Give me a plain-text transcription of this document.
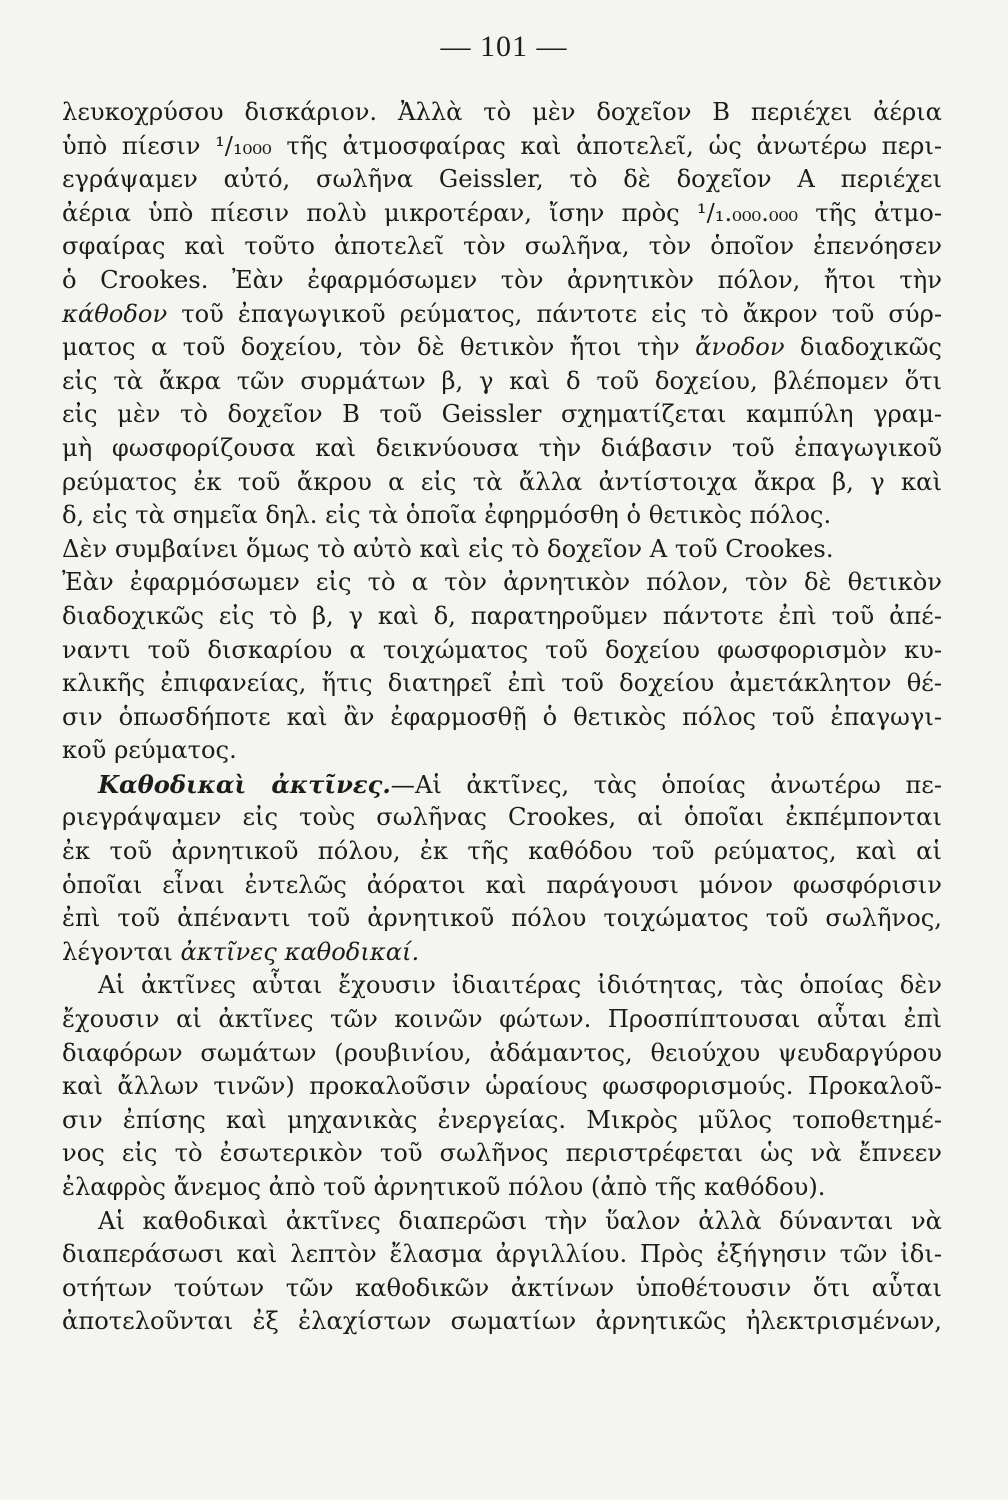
— 101 —
λευκοχρύσου δισκάριον. Ἀλλὰ τὸ μὲν δοχεῖον Β περιέχει ἀέρια
ὑπὸ πίεσιν ¹/₁₀₀₀ τῆς ἀτμοσφαίρας καὶ ἀποτελεῖ, ὡς ἀνωτέρω περι-
εγράψαμεν αὐτό, σωλῆνα Geissler, τὸ δὲ δοχεῖον Α περιέχει
ἀέρια ὑπὸ πίεσιν πολὺ μικροτέραν, ἴσην πρὸς ¹/₁.₀₀₀.₀₀₀ τῆς ἀτμο-
σφαίρας καὶ τοῦτο ἀποτελεῖ τὸν σωλῆνα, τὸν ὁποῖον ἐπενόησεν
ὁ Crookes. Ἐὰν ἐφαρμόσωμεν τὸν ἀρνητικὸν πόλον, ἤτοι τὴν
κάθοδον τοῦ ἐπαγωγικοῦ ρεύματος, πάντοτε εἰς τὸ ἄκρον τοῦ σύρ-
ματος α τοῦ δοχείου, τὸν δὲ θετικὸν ἤτοι τὴν ἄνοδον διαδοχικῶς
εἰς τὰ ἄκρα τῶν συρμάτων β, γ καὶ δ τοῦ δοχείου, βλέπομεν ὅτι
εἰς μὲν τὸ δοχεῖον Β τοῦ Geissler σχηματίζεται καμπύλη γραμ-
μὴ φωσφορίζουσα καὶ δεικνύουσα τὴν διάβασιν τοῦ ἐπαγωγικοῦ
ρεύματος ἐκ τοῦ ἄκρου α εἰς τὰ ἄλλα ἀντίστοιχα ἄκρα β, γ καὶ
δ, εἰς τὰ σημεῖα δηλ. εἰς τὰ ὁποῖα ἐφηρμόσθη ὁ θετικὸς πόλος.
Δὲν συμβαίνει ὅμως τὸ αὐτὸ καὶ εἰς τὸ δοχεῖον Α τοῦ Crookes.
Ἐὰν ἐφαρμόσωμεν εἰς τὸ α τὸν ἀρνητικὸν πόλον, τὸν δὲ θετικὸν
διαδοχικῶς εἰς τὸ β, γ καὶ δ, παρατηροῦμεν πάντοτε ἐπὶ τοῦ ἀπέ-
ναντι τοῦ δισκαρίου α τοιχώματος τοῦ δοχείου φωσφορισμὸν κυ-
κλικῆς ἐπιφανείας, ἥτις διατηρεῖ ἐπὶ τοῦ δοχείου ἀμετάκλητον θέ-
σιν ὁπωσδήποτε καὶ ἂν ἐφαρμοσθῇ ὁ θετικὸς πόλος τοῦ ἐπαγωγι-
κοῦ ρεύματος.
Καθοδικαὶ ἀκτῖνες.—Αἱ ἀκτῖνες, τὰς ὁποίας ἀνωτέρω πε-
ριεγράψαμεν εἰς τοὺς σωλῆνας Crookes, αἱ ὁποῖαι ἐκπέμπονται
ἐκ τοῦ ἀρνητικοῦ πόλου, ἐκ τῆς καθόδου τοῦ ρεύματος, καὶ αἱ
ὁποῖαι εἶναι ἐντελῶς ἀόρατοι καὶ παράγουσι μόνον φωσφόρισιν
ἐπὶ τοῦ ἀπέναντι τοῦ ἀρνητικοῦ πόλου τοιχώματος τοῦ σωλῆνος,
λέγονται ἀκτῖνες καθοδικαί.
Αἱ ἀκτῖνες αὗται ἔχουσιν ἰδιαιτέρας ἰδιότητας, τὰς ὁποίας δὲν
ἔχουσιν αἱ ἀκτῖνες τῶν κοινῶν φώτων. Προσπίπτουσαι αὗται ἐπὶ
διαφόρων σωμάτων (ρουβινίου, ἀδάμαντος, θειούχου ψευδαργύρου
καὶ ἄλλων τινῶν) προκαλοῦσιν ὡραίους φωσφορισμούς. Προκαλοῦ-
σιν ἐπίσης καὶ μηχανικὰς ἐνεργείας. Μικρὸς μῦλος τοποθετημέ-
νος εἰς τὸ ἐσωτερικὸν τοῦ σωλῆνος περιστρέφεται ὡς νὰ ἔπνεεν
ἐλαφρὸς ἄνεμος ἀπὸ τοῦ ἀρνητικοῦ πόλου (ἀπὸ τῆς καθόδου).
Αἱ καθοδικαὶ ἀκτῖνες διαπερῶσι τὴν ὕαλον ἀλλὰ δύνανται νὰ
διαπεράσωσι καὶ λεπτὸν ἔλασμα ἀργιλλίου. Πρὸς ἐξήγησιν τῶν ἰδι-
οτήτων τούτων τῶν καθοδικῶν ἀκτίνων ὑποθέτουσιν ὅτι αὗται
ἀποτελοῦνται ἐξ ἐλαχίστων σωματίων ἀρνητικῶς ἠλεκτρισμένων,
